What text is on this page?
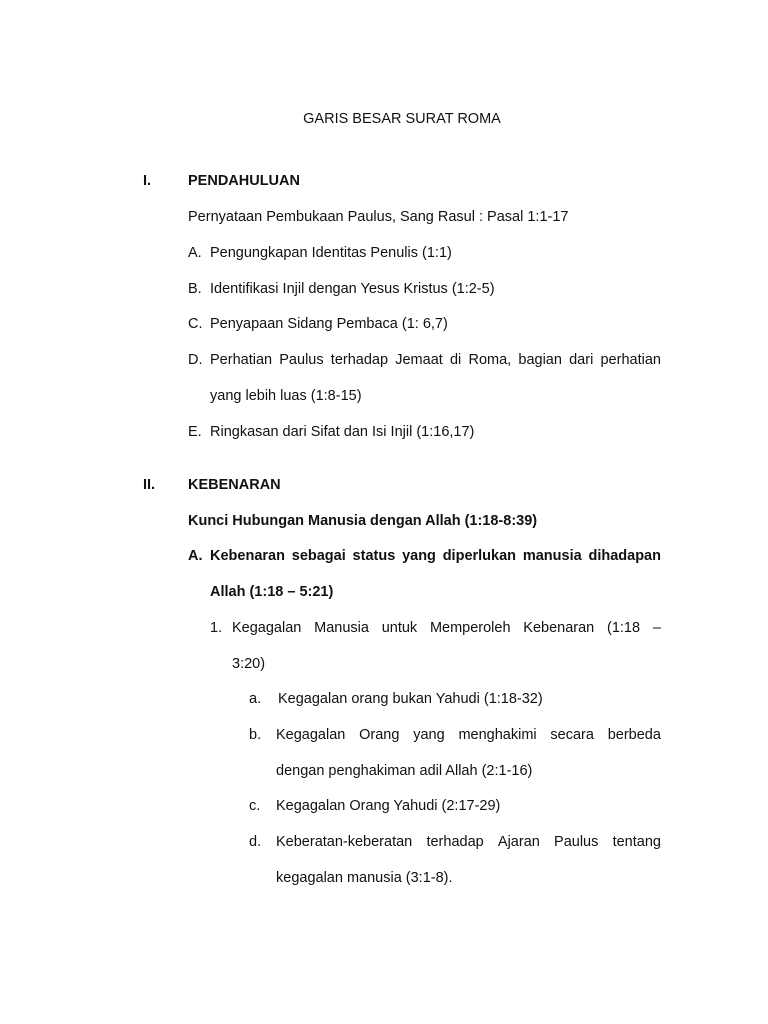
GARIS BESAR SURAT ROMA
I.	PENDAHULUAN
Pernyataan Pembukaan Paulus, Sang Rasul : Pasal 1:1-17
A. Pengungkapan Identitas Penulis (1:1)
B. Identifikasi Injil dengan Yesus Kristus (1:2-5)
C. Penyapaan Sidang Pembaca (1: 6,7)
D. Perhatian Paulus terhadap Jemaat di Roma, bagian dari perhatian
yang lebih luas (1:8-15)
E. Ringkasan dari Sifat dan Isi Injil (1:16,17)
II. KEBENARAN
Kunci Hubungan Manusia dengan Allah (1:18-8:39)
A. Kebenaran sebagai status yang diperlukan manusia dihadapan
Allah (1:18 – 5:21)
1. Kegagalan Manusia untuk Memperoleh Kebenaran (1:18 –
3:20)
a. Kegagalan orang bukan Yahudi (1:18-32)
b. Kegagalan Orang yang menghakimi secara berbeda
dengan penghakiman adil Allah (2:1-16)
c. Kegagalan Orang Yahudi (2:17-29)
d. Keberatan-keberatan terhadap Ajaran Paulus tentang
kegagalan manusia (3:1-8).
